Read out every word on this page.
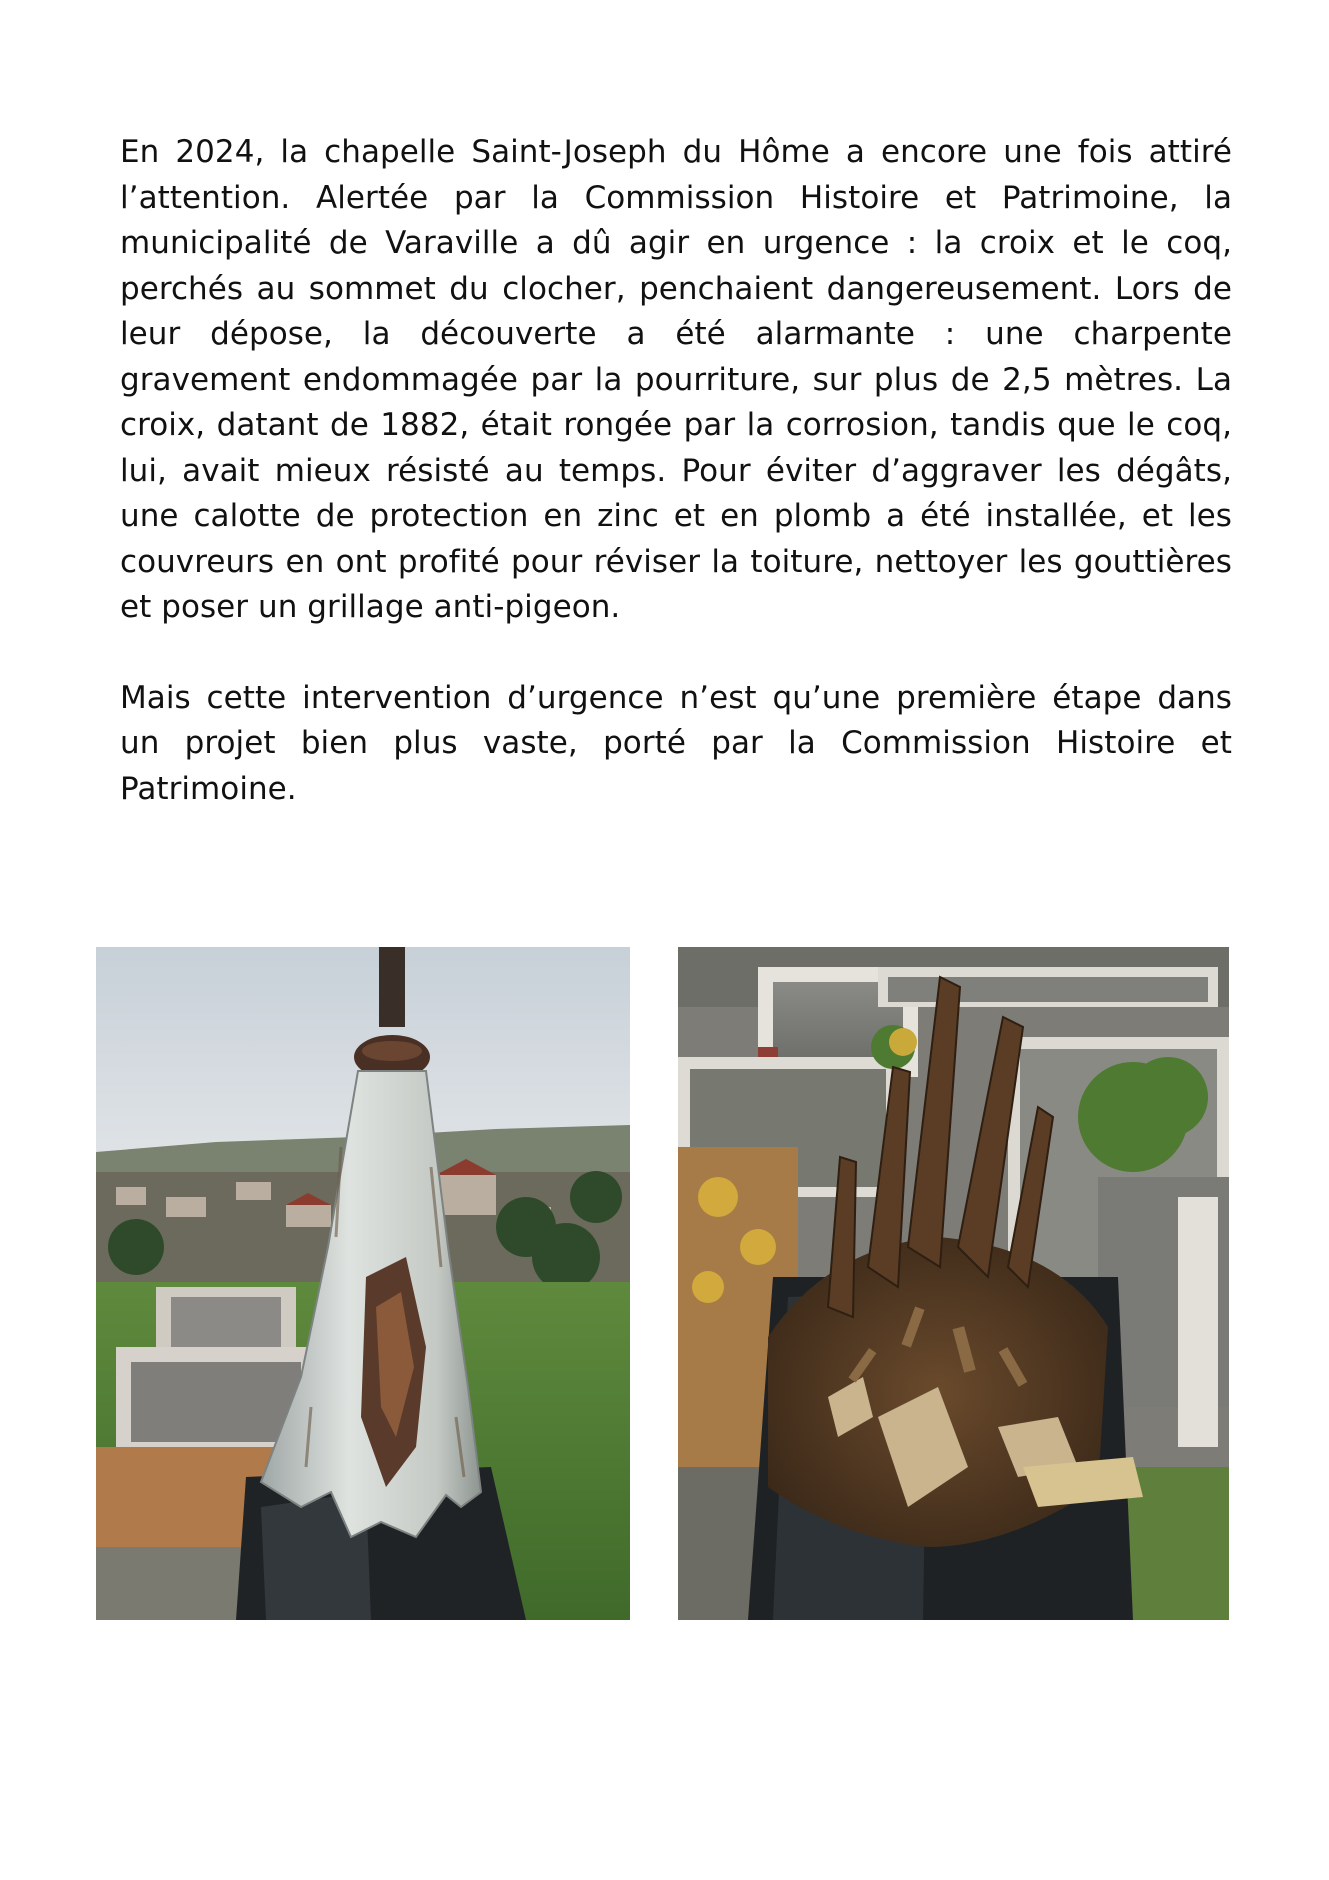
En 2024, la chapelle Saint-Joseph du Hôme a encore une fois attiré l’attention. Alertée par la Commission Histoire et Patrimoine, la municipalité de Varaville a dû agir en urgence : la croix et le coq, perchés au sommet du clocher, penchaient dangereusement. Lors de leur dépose, la découverte a été alarmante : une charpente gravement endommagée par la pourriture, sur plus de 2,5 mètres. La croix, datant de 1882, était rongée par la corrosion, tandis que le coq, lui, avait mieux résisté au temps. Pour éviter d’aggraver les dégâts, une calotte de protection en zinc et en plomb a été installée, et les couvreurs en ont profité pour réviser la toiture, nettoyer les gouttières et poser un grillage anti-pigeon.

Mais cette intervention d’urgence n’est qu’une première étape dans un projet bien plus vaste, porté par la Commission Histoire et Patrimoine.
